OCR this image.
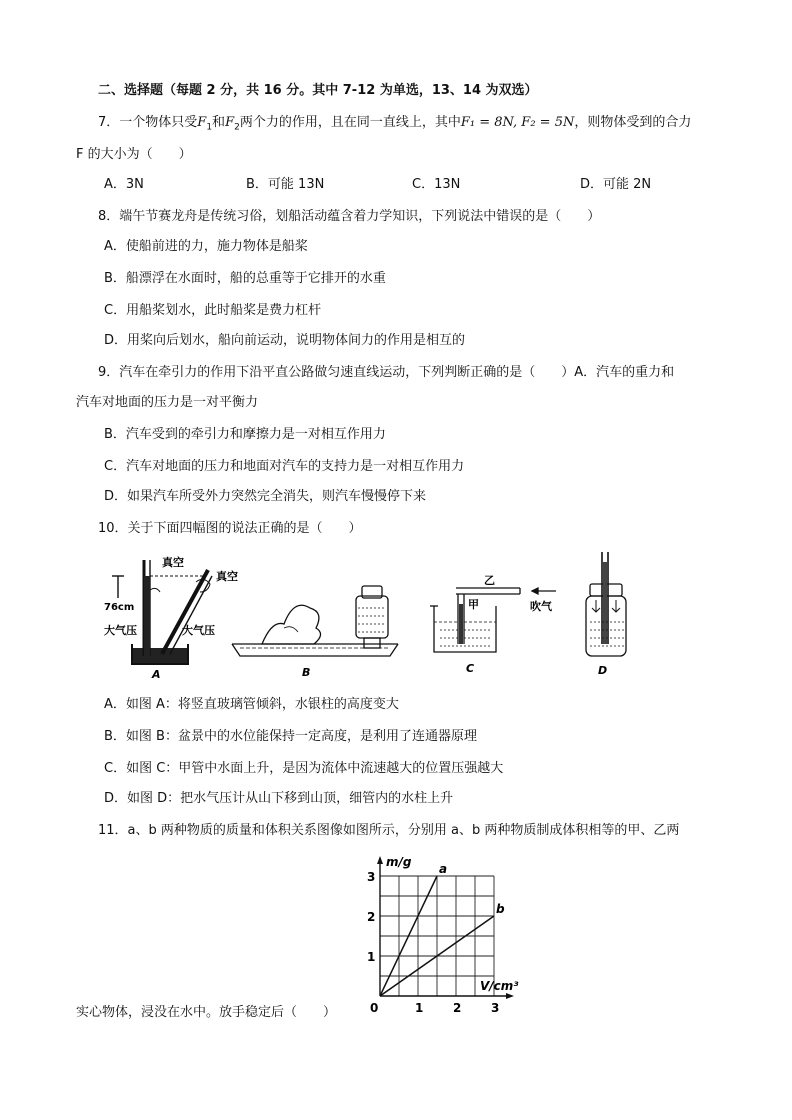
二、选择题（每题 2 分，共 16 分。其中 7-12 为单选，13、14 为双选）
7．一个物体只受$F_1$和$F_2$两个力的作用，且在同一直线上，其中F₁ = 8N, F₂ = 5N，则物体受到的合力
F 的大小为（　　）
A．3N	B．可能 13N	C．13N	D．可能 2N
8．端午节赛龙舟是传统习俗，划船活动蕴含着力学知识，下列说法中错误的是（　　）
A．使船前进的力，施力物体是船桨
B．船漂浮在水面时，船的总重等于它排开的水重
C．用船桨划水，此时船桨是费力杠杆
D．用桨向后划水，船向前运动，说明物体间力的作用是相互的
9．汽车在牵引力的作用下沿平直公路做匀速直线运动，下列判断正确的是（　　）A．汽车的重力和
汽车对地面的压力是一对平衡力
B．汽车受到的牵引力和摩擦力是一对相互作用力
C．汽车对地面的压力和地面对汽车的支持力是一对相互作用力
D．如果汽车所受外力突然完全消失，则汽车慢慢停下来
10．关于下面四幅图的说法正确的是（　　）
真空
真空
76cm
大气压	大气压
A	B
乙
甲	吹气
C	D
A．如图 A：将竖直玻璃管倾斜，水银柱的高度变大
B．如图 B：盆景中的水位能保持一定高度，是利用了连通器原理
C．如图 C：甲管中水面上升，是因为流体中流速越大的位置压强越大
D．如图 D：把水气压计从山下移到山顶，细管内的水柱上升
11．a、b 两种物质的质量和体积关系图像如图所示，分别用 a、b 两种物质制成体积相等的甲、乙两
a
b
0	1 2 3
1
2
3
m/g
V/cm³
实心物体，浸没在水中。放手稳定后（　　）
